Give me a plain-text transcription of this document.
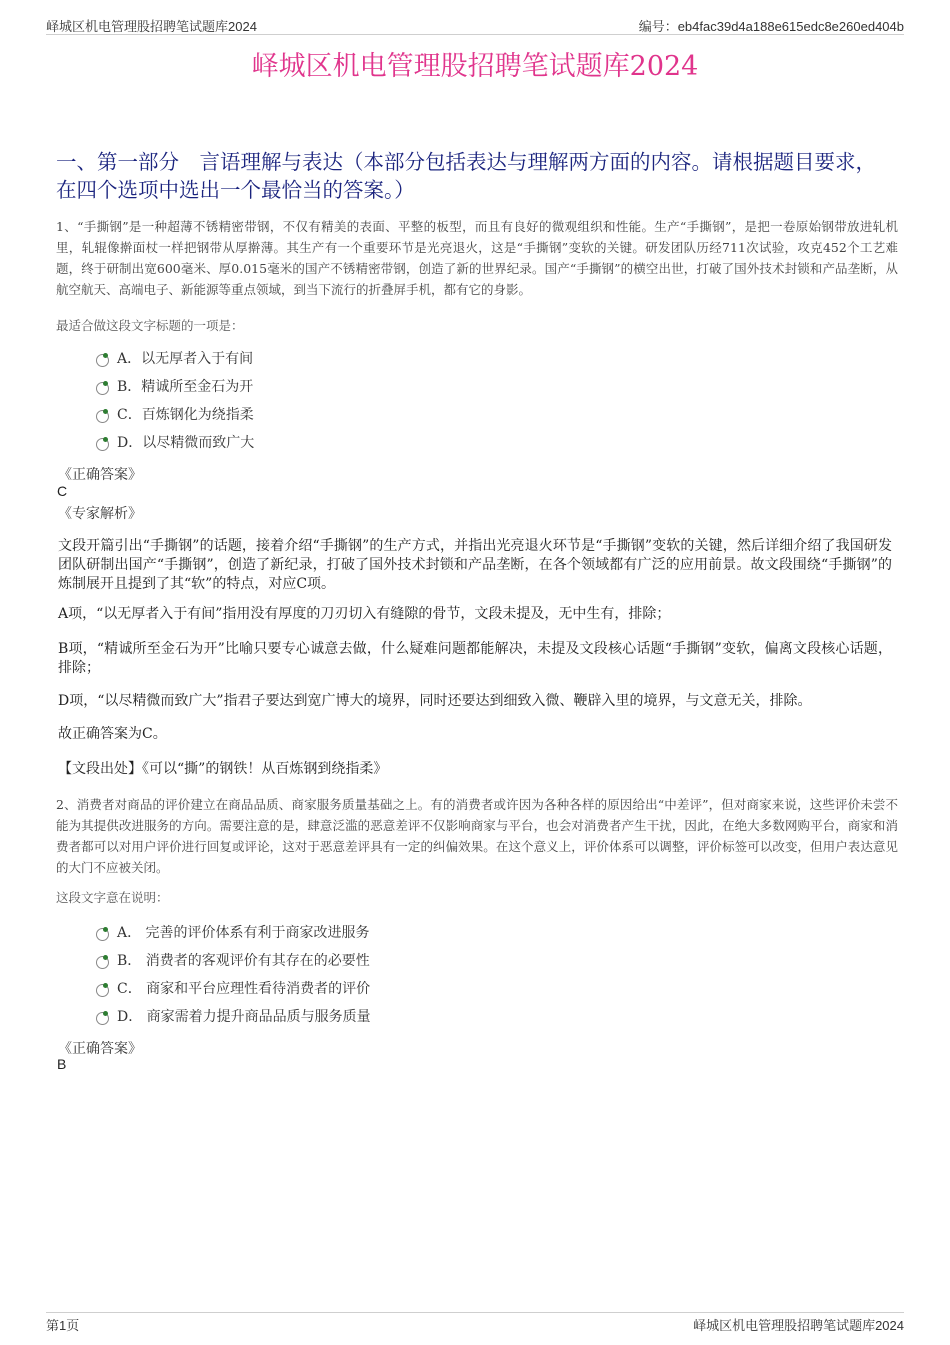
峄城区机电管理股招聘笔试题库2024	编号：eb4fac39d4a188e615edc8e260ed404b
峄城区机电管理股招聘笔试题库2024
一、第一部分　言语理解与表达（本部分包括表达与理解两方面的内容。请根据题目要求，在四个选项中选出一个最恰当的答案。）
1、“手撕钢”是一种超薄不锈精密带钢，不仅有精美的表面、平整的板型，而且有良好的微观组织和性能。生产“手撕钢”，是把一卷原始钢带放进轧机里，轧辊像擀面杖一样把钢带从厚擀薄。其生产有一个重要环节是光亮退火，这是“手撕钢”变软的关键。研发团队历经711次试验，攻克452个工艺难题，终于研制出宽600毫米、厚0.015毫米的国产不锈精密带钢，创造了新的世界纪录。国产“手撕钢”的横空出世，打破了国外技术封锁和产品垄断，从航空航天、高端电子、新能源等重点领域，到当下流行的折叠屏手机，都有它的身影。
最适合做这段文字标题的一项是：
A．以无厚者入于有间
B．精诚所至金石为开
C．百炼钢化为绕指柔
D．以尽精微而致广大
《正确答案》
C
《专家解析》
文段开篇引出“手撕钢”的话题，接着介绍“手撕钢”的生产方式，并指出光亮退火环节是“手撕钢”变软的关键，然后详细介绍了我国研发团队研制出国产“手撕钢”，创造了新纪录，打破了国外技术封锁和产品垄断，在各个领域都有广泛的应用前景。故文段围绕“手撕钢”的炼制展开且提到了其“软”的特点，对应C项。
A项，“以无厚者入于有间”指用没有厚度的刀刃切入有缝隙的骨节，文段未提及，无中生有，排除；
B项，“精诚所至金石为开”比喻只要专心诚意去做，什么疑难问题都能解决，未提及文段核心话题“手撕钢”变软，偏离文段核心话题，排除；
D项，“以尽精微而致广大”指君子要达到宽广博大的境界，同时还要达到细致入微、鞭辟入里的境界，与文意无关，排除。
故正确答案为C。
【文段出处】《可以“撕”的钢铁！从百炼钢到绕指柔》
2、消费者对商品的评价建立在商品品质、商家服务质量基础之上。有的消费者或许因为各种各样的原因给出“中差评”，但对商家来说，这些评价未尝不能为其提供改进服务的方向。需要注意的是，肆意泛滥的恶意差评不仅影响商家与平台，也会对消费者产生干扰，因此，在绝大多数网购平台，商家和消费者都可以对用户评价进行回复或评论，这对于恶意差评具有一定的纠偏效果。在这个意义上，评价体系可以调整，评价标签可以改变，但用户表达意见的大门不应被关闭。
这段文字意在说明：
A． 完善的评价体系有利于商家改进服务
B． 消费者的客观评价有其存在的必要性
C． 商家和平台应理性看待消费者的评价
D． 商家需着力提升商品品质与服务质量
《正确答案》
B
第1页	峄城区机电管理股招聘笔试题库2024
